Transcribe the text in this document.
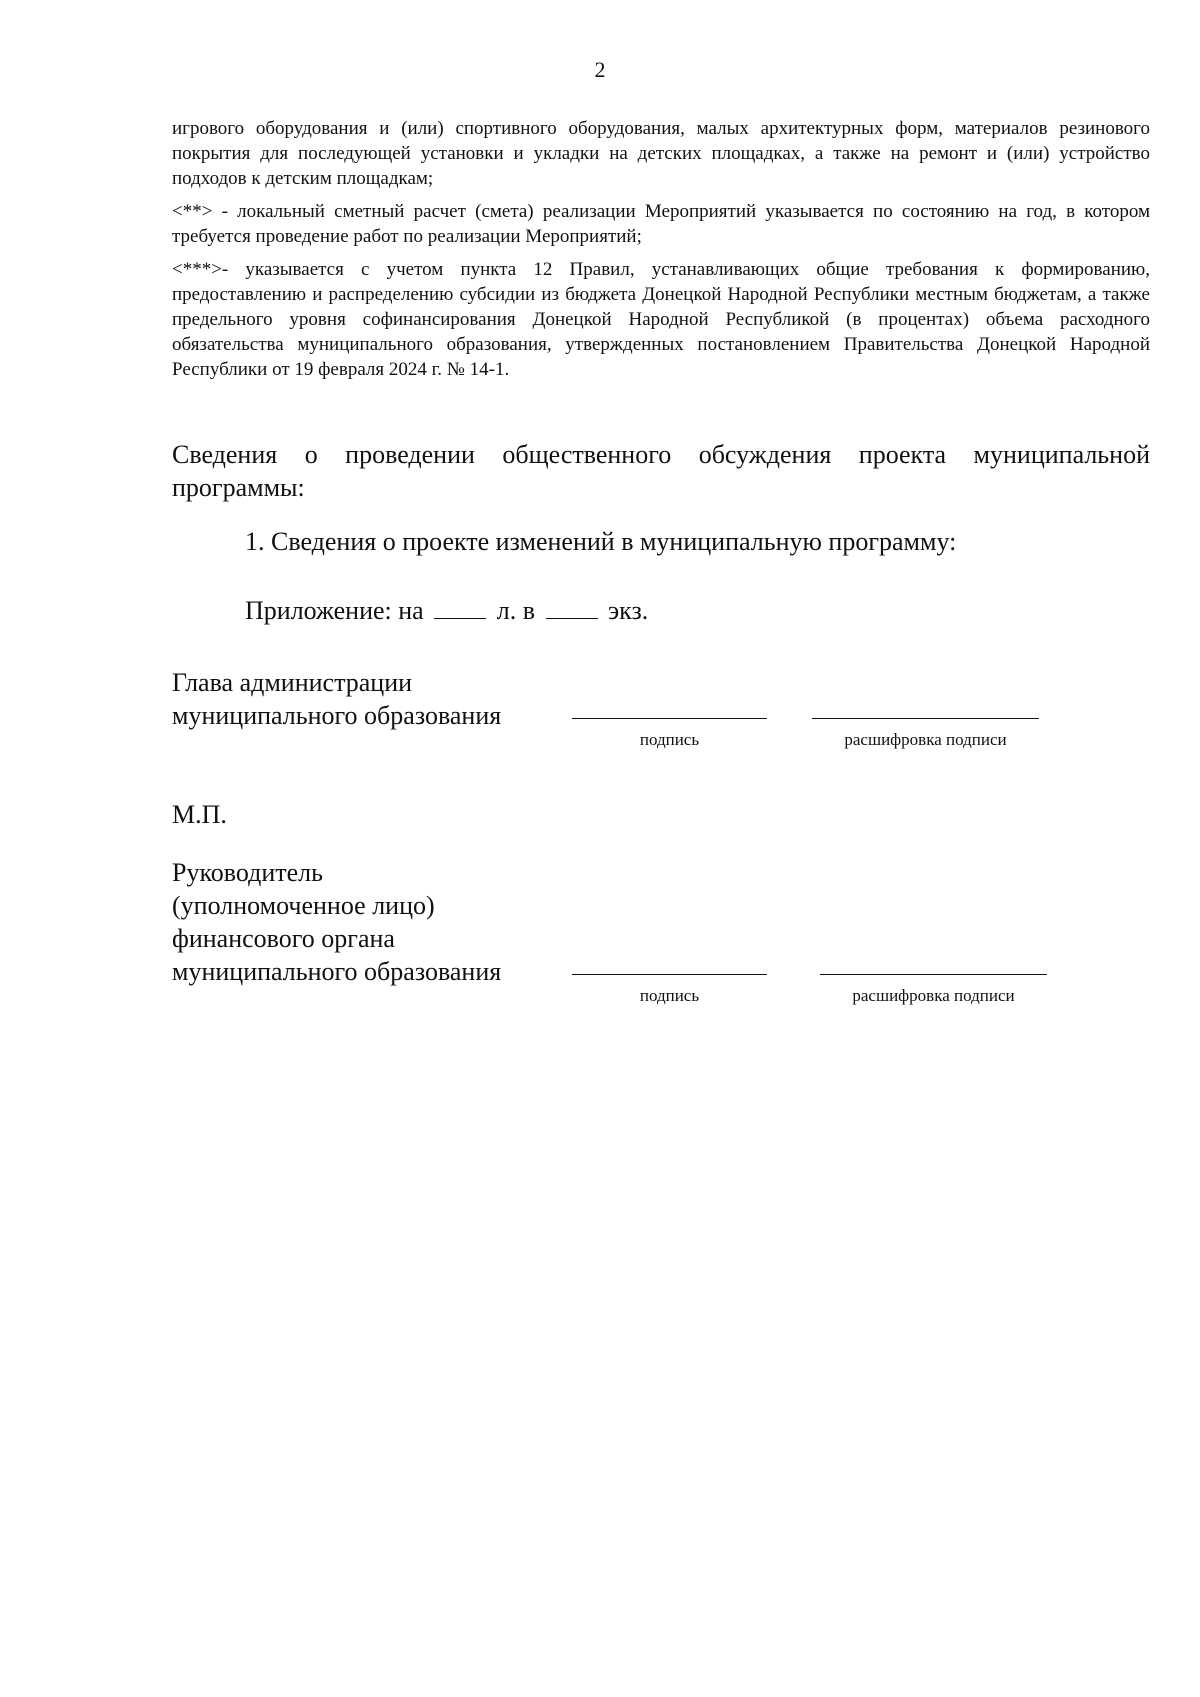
2

игрового оборудования и (или) спортивного оборудования, малых архитектурных форм, материалов резинового покрытия для последующей установки и укладки на детских площадках, а также на ремонт и (или) устройство подходов к детским площадкам;

<**> - локальный сметный расчет (смета) реализации Мероприятий указывается по состоянию на год, в котором требуется проведение работ по реализации Мероприятий;

<***>- указывается с учетом пункта 12 Правил, устанавливающих общие требования к формированию, предоставлению и распределению субсидии из бюджета Донецкой Народной Республики местным бюджетам, а также предельного уровня софинансирования Донецкой Народной Республикой (в процентах) объема расходного обязательства муниципального образования, утвержденных постановлением Правительства Донецкой Народной Республики от 19 февраля 2024 г. № 14-1.

Сведения о проведении общественного обсуждения проекта муниципальной программы:
1. Сведения о проекте изменений в муниципальную программу:
Приложение: на	л. в	экз.
Глава администрации
муниципального образования
подпись	расшифровка подписи
М.П.
Руководитель
(уполномоченное лицо)
финансового органа
муниципального образования
подпись	расшифровка подписи
